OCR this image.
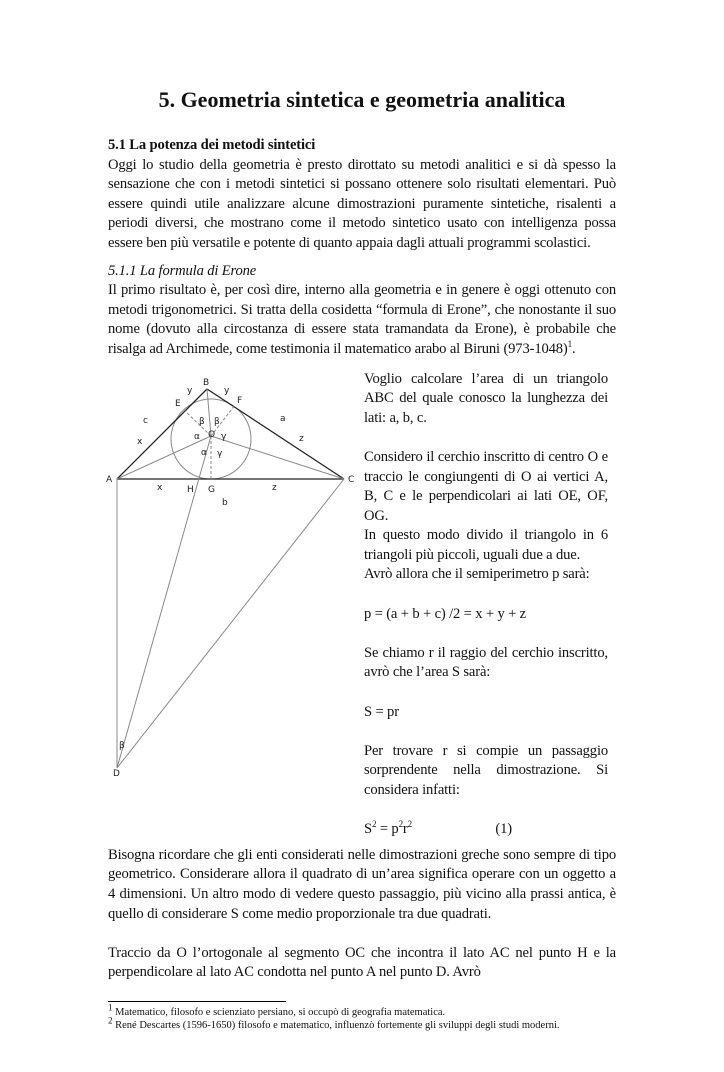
5. Geometria sintetica e geometria analitica
5.1 La potenza dei metodi sintetici
Oggi lo studio della geometria è presto dirottato su metodi analitici e si dà spesso la sensazione che con i metodi sintetici si possano ottenere solo risultati elementari. Può essere quindi utile analizzare alcune dimostrazioni puramente sintetiche, risalenti a periodi diversi, che mostrano come il metodo sintetico usato con intelligenza possa essere ben più versatile e potente di quanto appaia dagli attuali programmi scolastici.
5.1.1 La formula di Erone
Il primo risultato è, per così dire, interno alla geometria e in genere è oggi ottenuto con metodi trigonometrici. Si tratta della cosidetta “formula di Erone”, che nonostante il suo nome (dovuto alla circostanza di essere stata tramandata da Erone), è probabile che risalga ad Archimede, come testimonia il matematico arabo al Biruni $(973-1048)^1$.
B
A	C
D
E	F
O
G
H
a
b
c
x
x
y	y
z
z
β β
α
α
γ
γ
β

Voglio calcolare l’area di un triangolo ABC del quale conosco la lunghezza dei lati: a, b, c.

Considero il cerchio inscritto di centro O e traccio le congiungenti di O ai vertici A, B, C e le perpendicolari ai lati OE, OF, OG.

In questo modo divido il triangolo in 6 triangoli più piccoli, uguali due a due.

Avrò allora che il semiperimetro p sarà:

p = (a + b + c) /2 = x + y + z

Se chiamo r il raggio del cerchio inscritto, avrò che l’area S sarà:

S = pr

Per trovare r si compie un passaggio sorprendente nella dimostrazione. Si considera infatti:

$S^2 = p^2r^2$	(1)

Bisogna ricordare che gli enti considerati nelle dimostrazioni greche sono sempre di tipo geometrico. Considerare allora il quadrato di un’area significa operare con un oggetto a 4 dimensioni. Un altro modo di vedere questo passaggio, più vicino alla prassi antica, è quello di considerare S come medio proporzionale tra due quadrati.
Traccio da O l’ortogonale al segmento OC che incontra il lato AC nel punto H e la perpendicolare al lato AC condotta nel punto A nel punto D. Avrò
$^1$ Matematico, filosofo e scienziato persiano, si occupò di geografia matematica.
$^2$ René Descartes (1596-1650) filosofo e matematico, influenzò fortemente gli sviluppi degli studi moderni.
